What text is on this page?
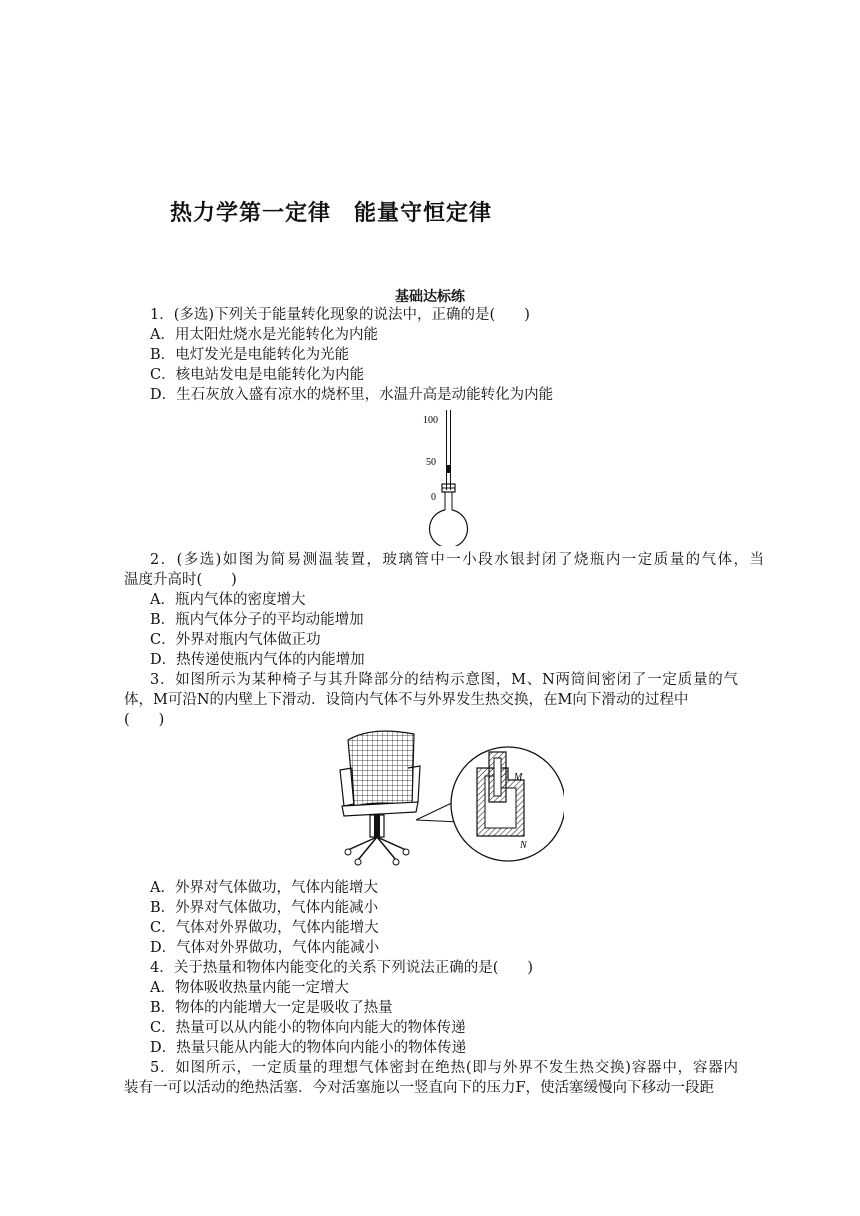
热力学第一定律　能量守恒定律
基础达标练
1．(多选)下列关于能量转化现象的说法中，正确的是(　　)
A．用太阳灶烧水是光能转化为内能
B．电灯发光是电能转化为光能
C．核电站发电是电能转化为内能
D．生石灰放入盛有凉水的烧杯里，水温升高是动能转化为内能
100
50
0
2．(多选)如图为简易测温装置，玻璃管中一小段水银封闭了烧瓶内一定质量的气体，当
温度升高时(　　)
A．瓶内气体的密度增大
B．瓶内气体分子的平均动能增加
C．外界对瓶内气体做正功
D．热传递使瓶内气体的内能增加
3．如图所示为某种椅子与其升降部分的结构示意图，M、N两筒间密闭了一定质量的气
体，M可沿N的内壁上下滑动．设筒内气体不与外界发生热交换，在M向下滑动的过程中
(　　)
M
N
A．外界对气体做功，气体内能增大
B．外界对气体做功，气体内能减小
C．气体对外界做功，气体内能增大
D．气体对外界做功，气体内能减小
4．关于热量和物体内能变化的关系下列说法正确的是(　　)
A．物体吸收热量内能一定增大
B．物体的内能增大一定是吸收了热量
C．热量可以从内能小的物体向内能大的物体传递
D．热量只能从内能大的物体向内能小的物体传递
5．如图所示，一定质量的理想气体密封在绝热(即与外界不发生热交换)容器中，容器内
装有一可以活动的绝热活塞．今对活塞施以一竖直向下的压力F，使活塞缓慢向下移动一段距
